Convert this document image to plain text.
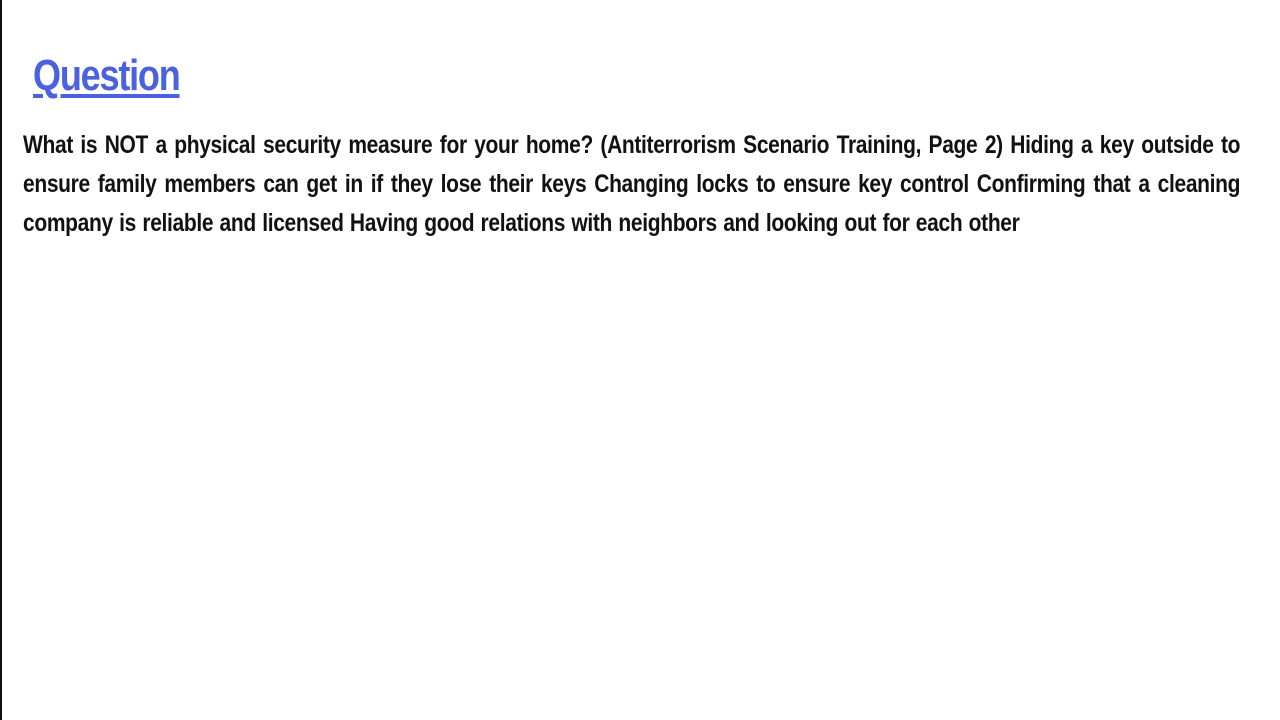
Question

What is NOT a physical security measure for your home? (Antiterrorism Scenario Training, Page 2) Hiding a key outside to ensure family members can get in if they lose their keys Changing locks to ensure key control Confirming that a cleaning company is reliable and licensed Having good relations with neighbors and looking out for each other
